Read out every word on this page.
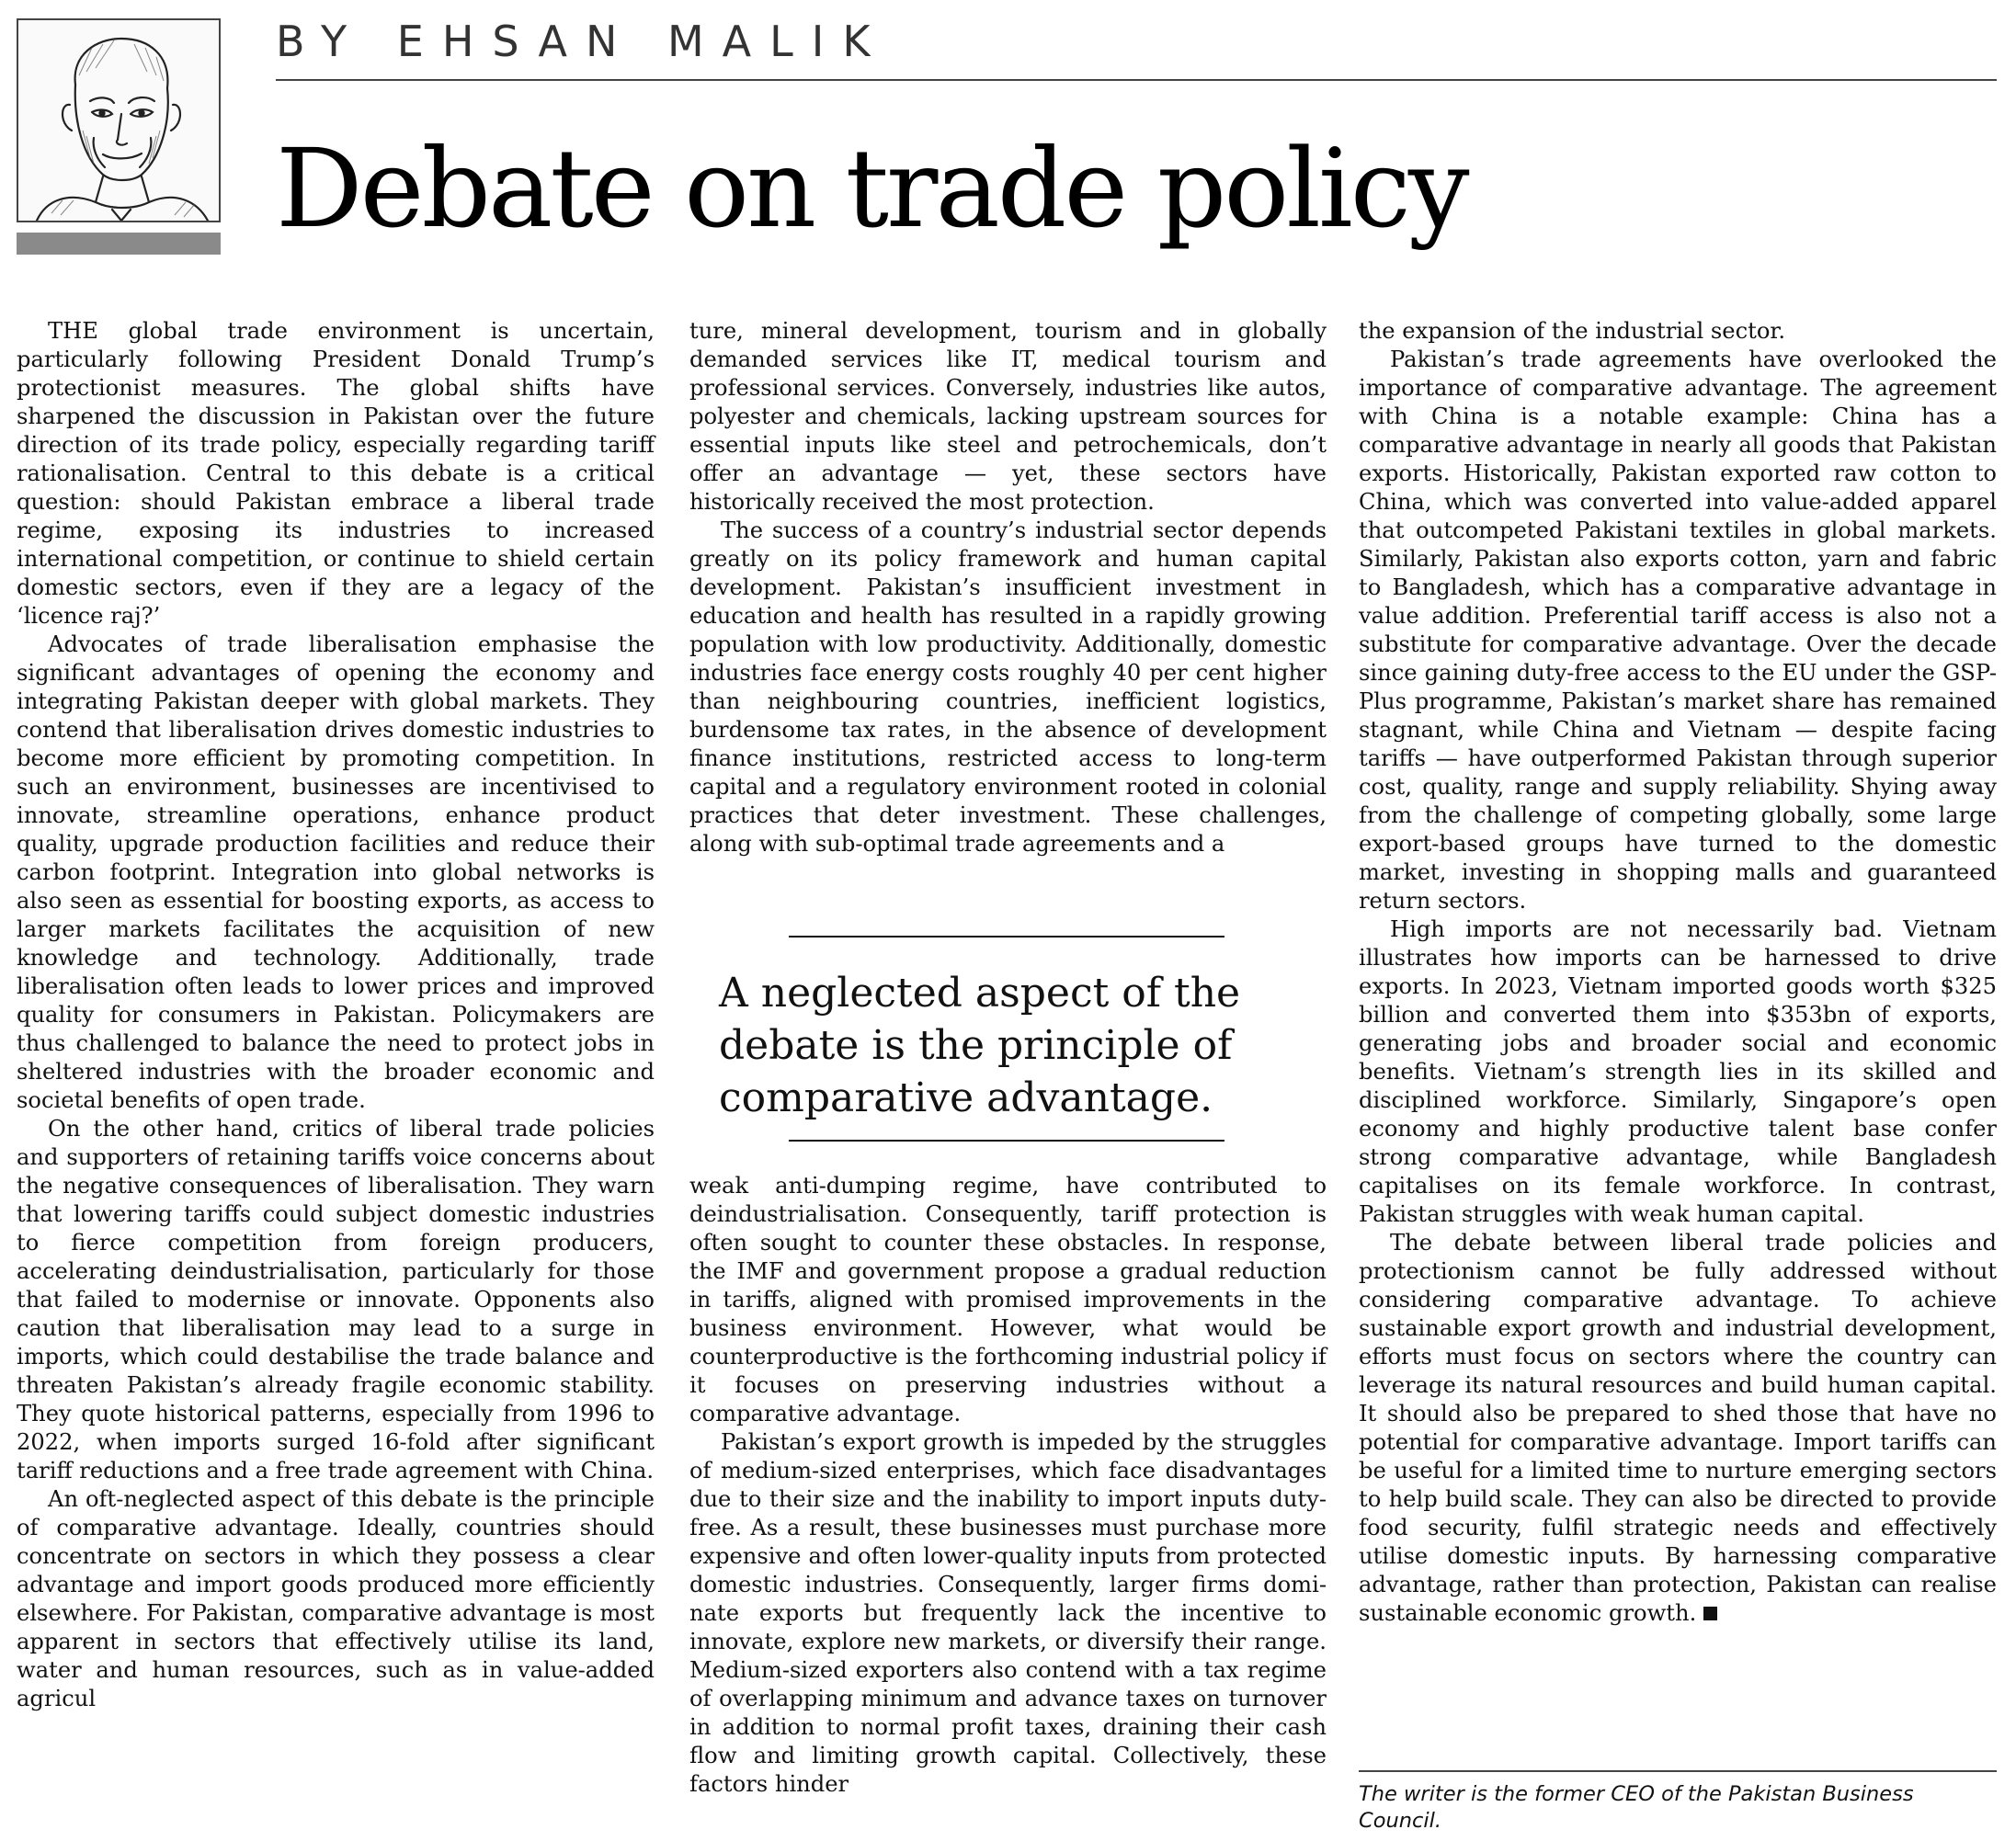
BY EHSAN MALIK
Debate on trade policy

THE global trade environment is uncertain, particularly following President Donald Trump’s protectionist measures. The global shifts have sharpened the discussion in Pakistan over the future direction of its trade policy, especially regarding tariff rationalisation. Central to this debate is a critical question: should Pakistan embrace a liberal trade regime, exposing its industries to increased international competition, or continue to shield certain domestic sectors, even if they are a legacy of the ‘licence raj?’

Advocates of trade liberalisation emphasise the significant advantages of opening the economy and integrating Pakistan deeper with global markets. They contend that liberalisation drives domestic industries to become more efficient by promoting competition. In such an environment, businesses are incentivised to innovate, streamline operations, enhance product quality, upgrade production facilities and reduce their carbon footprint. Integration into global networks is also seen as essential for boosting exports, as access to larger markets facilitates the acquisition of new knowledge and technology. Additionally, trade liberalisation often leads to lower prices and improved quality for consumers in Pakistan. Policymakers are thus challenged to balance the need to protect jobs in sheltered industries with the broader economic and societal benefits of open trade.

On the other hand, critics of liberal trade policies and supporters of retaining tariffs voice concerns about the negative consequences of liberalisation. They warn that lowering tariffs could subject domestic industries to fierce competition from foreign producers, accelerating deindustrialisation, particularly for those that failed to modernise or innovate. Opponents also caution that liberalisation may lead to a surge in imports, which could destabilise the trade balance and threaten Pakistan’s already fragile economic stability. They quote historical patterns, especially from 1996 to 2022, when imports surged 16-fold after significant tariff reductions and a free trade agreement with China.

An oft-neglected aspect of this debate is the principle of comparative advantage. Ideally, countries should concentrate on sectors in which they possess a clear advantage and import goods produced more efficiently elsewhere. For Pakistan, comparative advantage is most apparent in sectors that effectively utilise its land, water and human resources, such as in value-added agricul

ture, mineral development, tourism and in globally demanded services like IT, medical tourism and professional services. Conversely, industries like autos, polyester and chemicals, lacking upstream sources for essential inputs like steel and petrochemicals, don’t offer an advantage — yet, these sectors have historically received the most protection.

The success of a country’s industrial sector depends greatly on its policy framework and human capital development. Pakistan’s insufficient investment in education and health has resulted in a rapidly growing population with low productivity. Additionally, domestic industries face energy costs roughly 40 per cent higher than neighbouring countries, inefficient logistics, burdensome tax rates, in the absence of development finance institutions, restricted access to long-term capital and a regulatory environment rooted in colonial practices that deter investment. These challenges, along with sub-optimal trade agreements and a

A neglected aspect of the debate is the principle of comparative advantage.

weak anti-dumping regime, have contributed to deindustrialisation. Consequently, tariff protection is often sought to counter these obstacles. In response, the IMF and government propose a gradual reduction in tariffs, aligned with promised improvements in the business environment. However, what would be counterproductive is the forthcoming industrial policy if it focuses on preserving industries without a comparative advantage.

Pakistan’s export growth is impeded by the struggles of medium-sized enterprises, which face disadvantages due to their size and the inability to import inputs duty-free. As a result, these businesses must purchase more expensive and often lower-quality inputs from protected domestic industries. Consequently, larger firms dominate exports but frequently lack the incentive to innovate, explore new markets, or diversify their range. Medium-sized exporters also contend with a tax regime of overlapping minimum and advance taxes on turnover in addition to normal profit taxes, draining their cash flow and limiting growth capital. Collectively, these factors hinder

the expansion of the industrial sector.

Pakistan’s trade agreements have overlooked the importance of comparative advantage. The agreement with China is a notable example: China has a comparative advantage in nearly all goods that Pakistan exports. Historically, Pakistan exported raw cotton to China, which was converted into value-added apparel that outcompeted Pakistani textiles in global markets. Similarly, Pakistan also exports cotton, yarn and fabric to Bangladesh, which has a comparative advantage in value addition. Preferential tariff access is also not a substitute for comparative advantage. Over the decade since gaining duty-free access to the EU under the GSP-Plus programme, Pakistan’s market share has remained stagnant, while China and Vietnam — despite facing tariffs — have outperformed Pakistan through superior cost, quality, range and supply reliability. Shying away from the challenge of competing globally, some large export-based groups have turned to the domestic market, investing in shopping malls and guaranteed return sectors.

High imports are not necessarily bad. Vietnam illustrates how imports can be harnessed to drive exports. In 2023, Vietnam imported goods worth $325 billion and converted them into $353bn of exports, generating jobs and broader social and economic benefits. Vietnam’s strength lies in its skilled and disciplined workforce. Similarly, Singapore’s open economy and highly productive talent base confer strong comparative advantage, while Bangladesh capitalises on its female workforce. In contrast, Pakistan struggles with weak human capital.

The debate between liberal trade policies and protectionism cannot be fully addressed without considering comparative advantage. To achieve sustainable export growth and industrial development, efforts must focus on sectors where the country can leverage its natural resources and build human capital. It should also be prepared to shed those that have no potential for comparative advantage. Import tariffs can be useful for a limited time to nurture emerging sectors to help build scale. They can also be directed to provide food security, fulfil strategic needs and effectively utilise domestic inputs. By harnessing comparative advantage, rather than protection, Pakistan can realise sustainable economic growth.

The writer is the former CEO of the Pakistan Business Council.
